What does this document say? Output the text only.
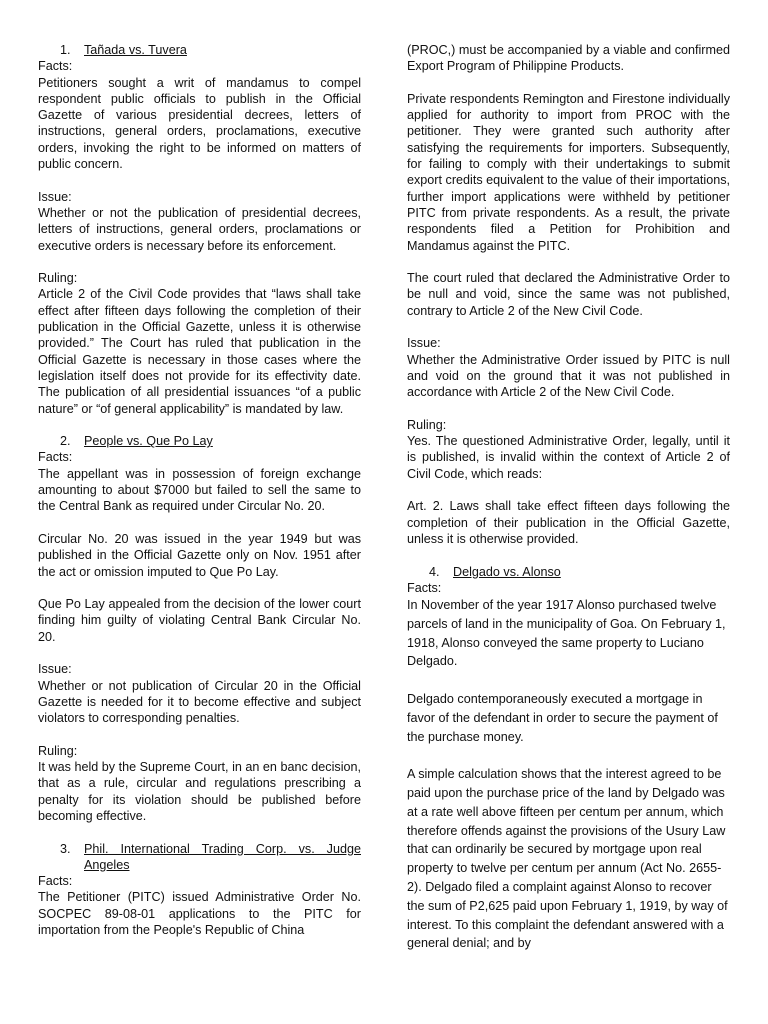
1. Tañada vs. Tuvera
Facts:

Petitioners sought a writ of mandamus to compel respondent public officials to publish in the Official Gazette of various presidential decrees, letters of instructions, general orders, proclamations, executive orders, invoking the right to be informed on matters of public concern.

Issue:

Whether or not the publication of presidential decrees, letters of instructions, general orders, proclamations or executive orders is necessary before its enforcement.

Ruling:

Article 2 of the Civil Code provides that “laws shall take effect after fifteen days following the completion of their publication in the Official Gazette, unless it is otherwise provided.” The Court has ruled that publication in the Official Gazette is necessary in those cases where the legislation itself does not provide for its effectivity date. The publication of all presidential issuances “of a public nature” or “of general applicability” is mandated by law.

2. People vs. Que Po Lay
Facts:

The appellant was in possession of foreign exchange amounting to about $7000 but failed to sell the same to the Central Bank as required under Circular No. 20.

Circular No. 20 was issued in the year 1949 but was published in the Official Gazette only on Nov. 1951 after the act or omission imputed to Que Po Lay.

Que Po Lay appealed from the decision of the lower court finding him guilty of violating Central Bank Circular No. 20.

Issue:

Whether or not publication of Circular 20 in the Official Gazette is needed for it to become effective and subject violators to corresponding penalties.

Ruling:

It was held by the Supreme Court, in an en banc decision, that as a rule, circular and regulations prescribing a penalty for its violation should be published before becoming effective.

3.	Phil. International Trading Corp. vs. Judge Angeles
Facts:

The Petitioner (PITC) issued Administrative Order No. SOCPEC 89-08-01 applications to the PITC for importation from the People's Republic of China

(PROC,) must be accompanied by a viable and confirmed Export Program of Philippine Products.

Private respondents Remington and Firestone individually applied for authority to import from PROC with the petitioner. They were granted such authority after satisfying the requirements for importers. Subsequently, for failing to comply with their undertakings to submit export credits equivalent to the value of their importations, further import applications were withheld by petitioner PITC from private respondents. As a result, the private respondents filed a Petition for Prohibition and Mandamus against the PITC.

The court ruled that declared the Administrative Order to be null and void, since the same was not published, contrary to Article 2 of the New Civil Code.

Issue:

Whether the Administrative Order issued by PITC is null and void on the ground that it was not published in accordance with Article 2 of the New Civil Code.

Ruling:

Yes. The questioned Administrative Order, legally, until it is published, is invalid within the context of Article 2 of Civil Code, which reads:

Art. 2. Laws shall take effect fifteen days following the completion of their publication in the Official Gazette, unless it is otherwise provided.

4. Delgado vs. Alonso
Facts:

In November of the year 1917 Alonso purchased twelve parcels of land in the municipality of Goa. On February 1, 1918, Alonso conveyed the same property to Luciano Delgado.

Delgado contemporaneously executed a mortgage in favor of the defendant in order to secure the payment of the purchase money.

A simple calculation shows that the interest agreed to be paid upon the purchase price of the land by Delgado was at a rate well above fifteen per centum per annum, which therefore offends against the provisions of the Usury Law that can ordinarily be secured by mortgage upon real property to twelve per centum per annum (Act No. 2655-2). Delgado filed a complaint against Alonso to recover the sum of P2,625 paid upon February 1, 1919, by way of interest. To this complaint the defendant answered with a general denial; and by
